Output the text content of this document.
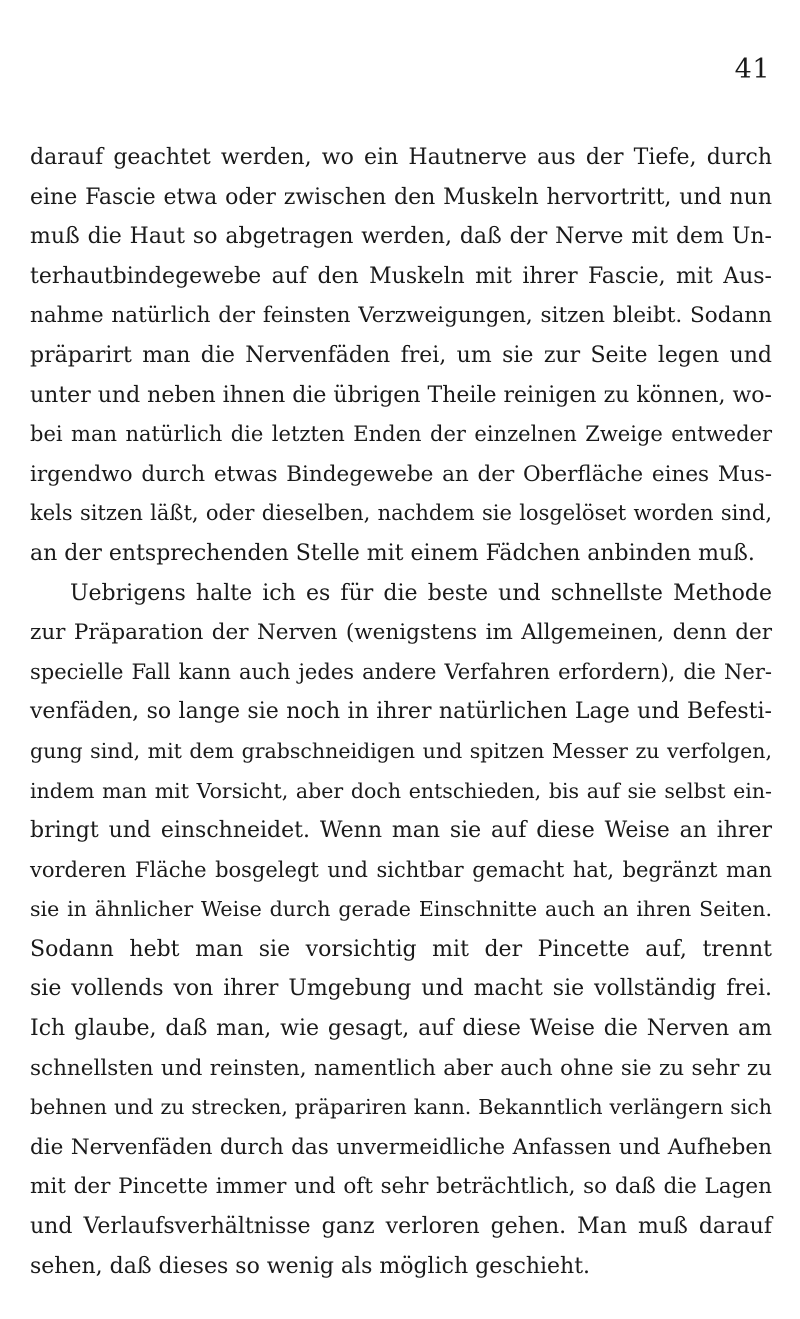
41
darauf geachtet werden, wo ein Hautnerve aus der Tiefe, durch
eine Fascie etwa oder zwischen den Muskeln hervortritt, und nun
muß die Haut so abgetragen werden, daß der Nerve mit dem Un-
terhautbindegewebe auf den Muskeln mit ihrer Fascie, mit Aus-
nahme natürlich der feinsten Verzweigungen, sitzen bleibt. Sodann
präparirt man die Nervenfäden frei, um sie zur Seite legen und
unter und neben ihnen die übrigen Theile reinigen zu können, wo-
bei man natürlich die letzten Enden der einzelnen Zweige entweder
irgendwo durch etwas Bindegewebe an der Oberfläche eines Mus-
kels sitzen läßt, oder dieselben, nachdem sie losgelöset worden sind,
an der entsprechenden Stelle mit einem Fädchen anbinden muß.
Uebrigens halte ich es für die beste und schnellste Methode
zur Präparation der Nerven (wenigstens im Allgemeinen, denn der
specielle Fall kann auch jedes andere Verfahren erfordern), die Ner-
venfäden, so lange sie noch in ihrer natürlichen Lage und Befesti-
gung sind, mit dem grabschneidigen und spitzen Messer zu verfolgen,
indem man mit Vorsicht, aber doch entschieden, bis auf sie selbst ein-
bringt und einschneidet. Wenn man sie auf diese Weise an ihrer
vorderen Fläche bosgelegt und sichtbar gemacht hat, begränzt man
sie in ähnlicher Weise durch gerade Einschnitte auch an ihren Seiten.
Sodann hebt man sie vorsichtig mit der Pincette auf, trennt
sie vollends von ihrer Umgebung und macht sie vollständig frei.
Ich glaube, daß man, wie gesagt, auf diese Weise die Nerven am
schnellsten und reinsten, namentlich aber auch ohne sie zu sehr zu
behnen und zu strecken, präpariren kann. Bekanntlich verlängern sich
die Nervenfäden durch das unvermeidliche Anfassen und Aufheben
mit der Pincette immer und oft sehr beträchtlich, so daß die Lagen
und Verlaufsverhältnisse ganz verloren gehen. Man muß darauf
sehen, daß dieses so wenig als möglich geschieht.
